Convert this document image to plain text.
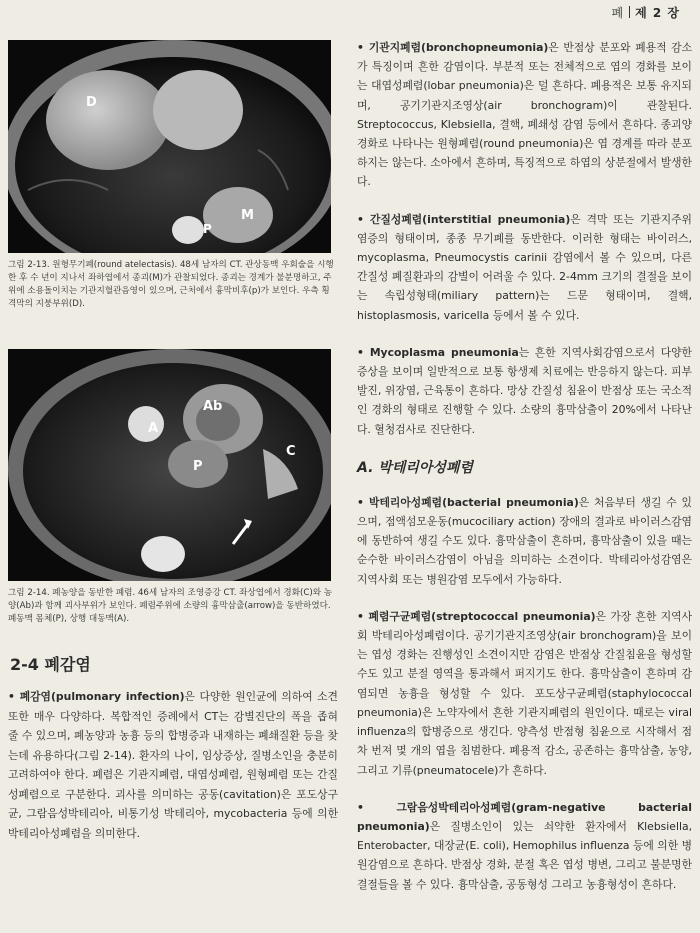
폐 제 2 장
D
M
P
그림 2-13. 원형무기폐(round atelectasis). 48세 남자의 CT. 관상동맥 우회술을 시행한 후 수 년이 지나서 좌하엽에서 종괴(M)가 관찰되었다. 종괴는 경계가 불분명하고, 주위에 소용돌이치는 기관지혈관음영이 있으며, 근처에서 흉막비후(p)가 보인다. 우측 횡격막의 지붕부위(D).
Ab
A
C
P
그림 2-14. 폐농양을 동반한 폐렴. 46세 남자의 조영증강 CT. 좌상엽에서 경화(C)와 농양(Ab)과 함께 괴사부위가 보인다. 폐렴주위에 소량의 흉막삼출(arrow)을 동반하였다. 폐동맥 몸체(P), 상행 대동맥(A).
2-4 폐감염

• 폐감염(pulmonary infection)은 다양한 원인균에 의하여 소견 또한 매우 다양하다. 복합적인 증례에서 CT는 감별진단의 폭을 좁혀 줄 수 있으며, 폐농양과 농흉 등의 합병증과 내재하는 폐쇄질환 등을 찾는데 유용하다(그림 2-14). 환자의 나이, 임상증상, 질병소인을 충분히 고려하여야 한다. 폐렴은 기관지폐렴, 대엽성폐렴, 원형폐렴 또는 간질성폐렴으로 구분한다. 괴사를 의미하는 공동(cavitation)은 포도상구균, 그람음성박테리아, 비통기성 박테리아, mycobacteria 등에 의한 박테리아성폐렴을 의미한다.

• 기관지폐렴(bronchopneumonia)은 반점상 분포와 폐용적 감소가 특징이며 흔한 감염이다. 부분적 또는 전체적으로 엽의 경화를 보이는 대엽성폐렴(lobar pneumonia)은 덜 흔하다. 폐용적은 보통 유지되며, 공기기관지조영상(air bronchogram)이 관찰된다. Streptococcus, Klebsiella, 결핵, 폐쇄성 감염 등에서 흔하다. 종괴양 경화로 나타나는 원형폐렴(round pneumonia)은 엽 경계를 따라 분포하지는 않는다. 소아에서 흔하며, 특징적으로 하엽의 상분절에서 발생한다.

• 간질성폐렴(interstitial pneumonia)은 격막 또는 기관지주위 염증의 형태이며, 종종 무기폐를 동반한다. 이러한 형태는 바이러스, mycoplasma, Pneumocystis carinii 감염에서 볼 수 있으며, 다른 간질성 폐질환과의 감별이 어려울 수 있다. 2-4mm 크기의 결절을 보이는 속립성형태(miliary pattern)는 드문 형태이며, 결핵, histoplasmosis, varicella 등에서 볼 수 있다.

• Mycoplasma pneumonia는 흔한 지역사회감염으로서 다양한 증상을 보이며 일반적으로 보통 항생제 치료에는 반응하지 않는다. 피부발진, 위장염, 근육통이 흔하다. 망상 간질성 침윤이 반점상 또는 국소적인 경화의 형태로 진행할 수 있다. 소량의 흉막삼출이 20%에서 나타난다. 혈청검사로 진단한다.

A. 박테리아성폐렴

• 박테리아성폐렴(bacterial pneumonia)은 처음부터 생길 수 있으며, 점액섬모운동(mucociliary action) 장애의 결과로 바이러스감염에 동반하여 생길 수도 있다. 흉막삼출이 흔하며, 흉막삼출이 있을 때는 순수한 바이러스감염이 아님을 의미하는 소견이다. 박테리아성감염은 지역사회 또는 병원감염 모두에서 가능하다.

• 폐렴구균폐렴(streptococcal pneumonia)은 가장 흔한 지역사회 박테리아성폐렴이다. 공기기관지조영상(air bronchogram)을 보이는 엽성 경화는 진행성인 소견이지만 감염은 반점상 간질침윤을 형성할 수도 있고 분절 영역을 통과해서 퍼지기도 한다. 흉막삼출이 흔하며 감염되면 농흉을 형성할 수 있다. 포도상구균폐렴(staphylococcal pneumonia)은 노약자에서 흔한 기관지폐렴의 원인이다. 때로는 viral influenza의 합병증으로 생긴다. 양측성 반점형 침윤으로 시작해서 점차 번져 몇 개의 엽을 침범한다. 폐용적 감소, 공존하는 흉막삼출, 농양, 그리고 기류(pneumatocele)가 흔하다.

• 그람음성박테리아성폐렴(gram-negative bacterial pneumonia)은 질병소인이 있는 쇠약한 환자에서 Klebsiella, Enterobacter, 대장균(E. coli), Hemophilus influenza 등에 의한 병원감염으로 흔하다. 반점상 경화, 분절 혹은 엽성 병변, 그리고 불분명한 결절들을 볼 수 있다. 흉막삼출, 공동형성 그리고 농흉형성이 흔하다.
